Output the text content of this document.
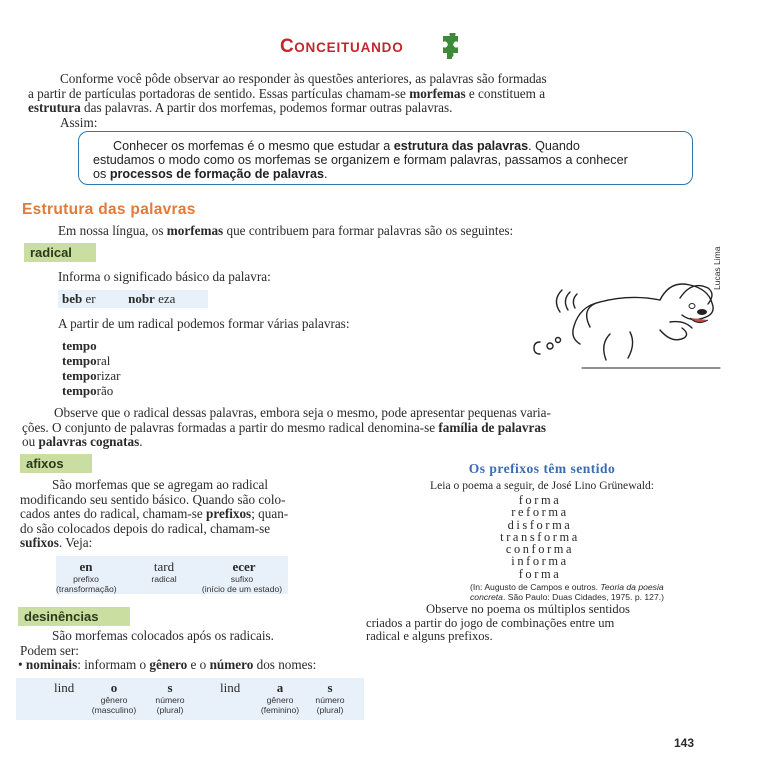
CONCEITUANDO
Conforme você pôde observar ao responder às questões anteriores, as palavras são formadas
a partir de partículas portadoras de sentido. Essas partículas chamam-se morfemas e constituem a
estrutura das palavras. A partir dos morfemas, podemos formar outras palavras.
Assim:
Conhecer os morfemas é o mesmo que estudar a estrutura das palavras. Quando
estudamos o modo como os morfemas se organizem e formam palavras, passamos a conhecer
os processos de formação de palavras.
Estrutura das palavras
Em nossa língua, os morfemas que contribuem para formar palavras são os seguintes:
radical
Informa o significado básico da palavra:
beb er	nobr eza
A partir de um radical podemos formar várias palavras:
tempo
temporal
temporizar
temporão
Lucas Lima
Observe que o radical dessas palavras, embora seja o mesmo, pode apresentar pequenas varia-
ções. O conjunto de palavras formadas a partir do mesmo radical denomina-se família de palavras
ou palavras cognatas.
afixos
São morfemas que se agregam ao radical
modificando seu sentido básico. Quando são colo-
cados antes do radical, chamam-se prefixos; quan-
do são colocados depois do radical, chamam-se
sufixos. Veja:
en	tard	ecer
prefixo
(transformação)
radical	sufixo
(início de um estado)
Os prefixos têm sentido
Leia o poema a seguir, de José Lino Grünewald:
forma
reforma
disforma
transforma
conforma
informa
forma
(In: Augusto de Campos e outros. Teoria da poesia
concreta. São Paulo: Duas Cidades, 1975. p. 127.)
Observe no poema os múltiplos sentidos
criados a partir do jogo de combinações entre um
radical e alguns prefixos.
desinências
São morfemas colocados após os radicais.
Podem ser:
• nominais: informam o gênero e o número dos nomes:
lind	o	s
gênero
(masculino)
número
(plural)
lind	a	s
gênero
(feminino)
número
(plural)
143
